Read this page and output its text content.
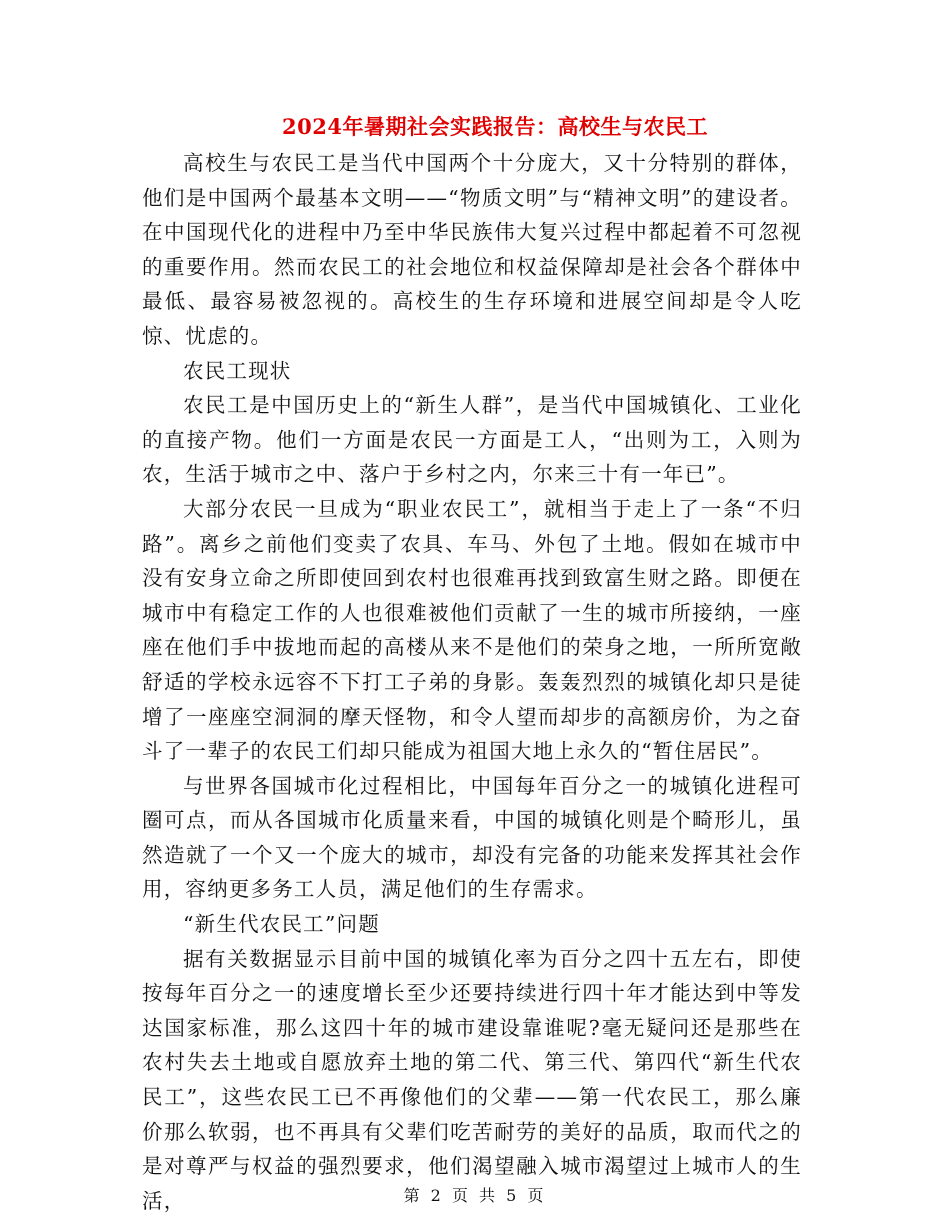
2024年暑期社会实践报告：高校生与农民工

高校生与农民工是当代中国两个十分庞大，又十分特别的群体，他们是中国两个最基本文明——“物质文明”与“精神文明”的建设者。在中国现代化的进程中乃至中华民族伟大复兴过程中都起着不可忽视的重要作用。然而农民工的社会地位和权益保障却是社会各个群体中最低、最容易被忽视的。高校生的生存环境和进展空间却是令人吃惊、忧虑的。

农民工现状

农民工是中国历史上的“新生人群”，是当代中国城镇化、工业化的直接产物。他们一方面是农民一方面是工人，“出则为工，入则为农，生活于城市之中、落户于乡村之内，尔来三十有一年已”。

大部分农民一旦成为“职业农民工”，就相当于走上了一条“不归路”。离乡之前他们变卖了农具、车马、外包了土地。假如在城市中没有安身立命之所即使回到农村也很难再找到致富生财之路。即便在城市中有稳定工作的人也很难被他们贡献了一生的城市所接纳，一座座在他们手中拔地而起的高楼从来不是他们的荣身之地，一所所宽敞舒适的学校永远容不下打工子弟的身影。轰轰烈烈的城镇化却只是徒增了一座座空洞洞的摩天怪物，和令人望而却步的高额房价，为之奋斗了一辈子的农民工们却只能成为祖国大地上永久的“暂住居民”。

与世界各国城市化过程相比，中国每年百分之一的城镇化进程可圈可点，而从各国城市化质量来看，中国的城镇化则是个畸形儿，虽然造就了一个又一个庞大的城市，却没有完备的功能来发挥其社会作用，容纳更多务工人员，满足他们的生存需求。

“新生代农民工”问题

据有关数据显示目前中国的城镇化率为百分之四十五左右，即使按每年百分之一的速度增长至少还要持续进行四十年才能达到中等发达国家标准，那么这四十年的城市建设靠谁呢?毫无疑问还是那些在农村失去土地或自愿放弃土地的第二代、第三代、第四代“新生代农民工”，这些农民工已不再像他们的父辈——第一代农民工，那么廉价那么软弱，也不再具有父辈们吃苦耐劳的美好的品质，取而代之的是对尊严与权益的强烈要求，他们渴望融入城市渴望过上城市人的生活，	第 2 页 共 5 页
